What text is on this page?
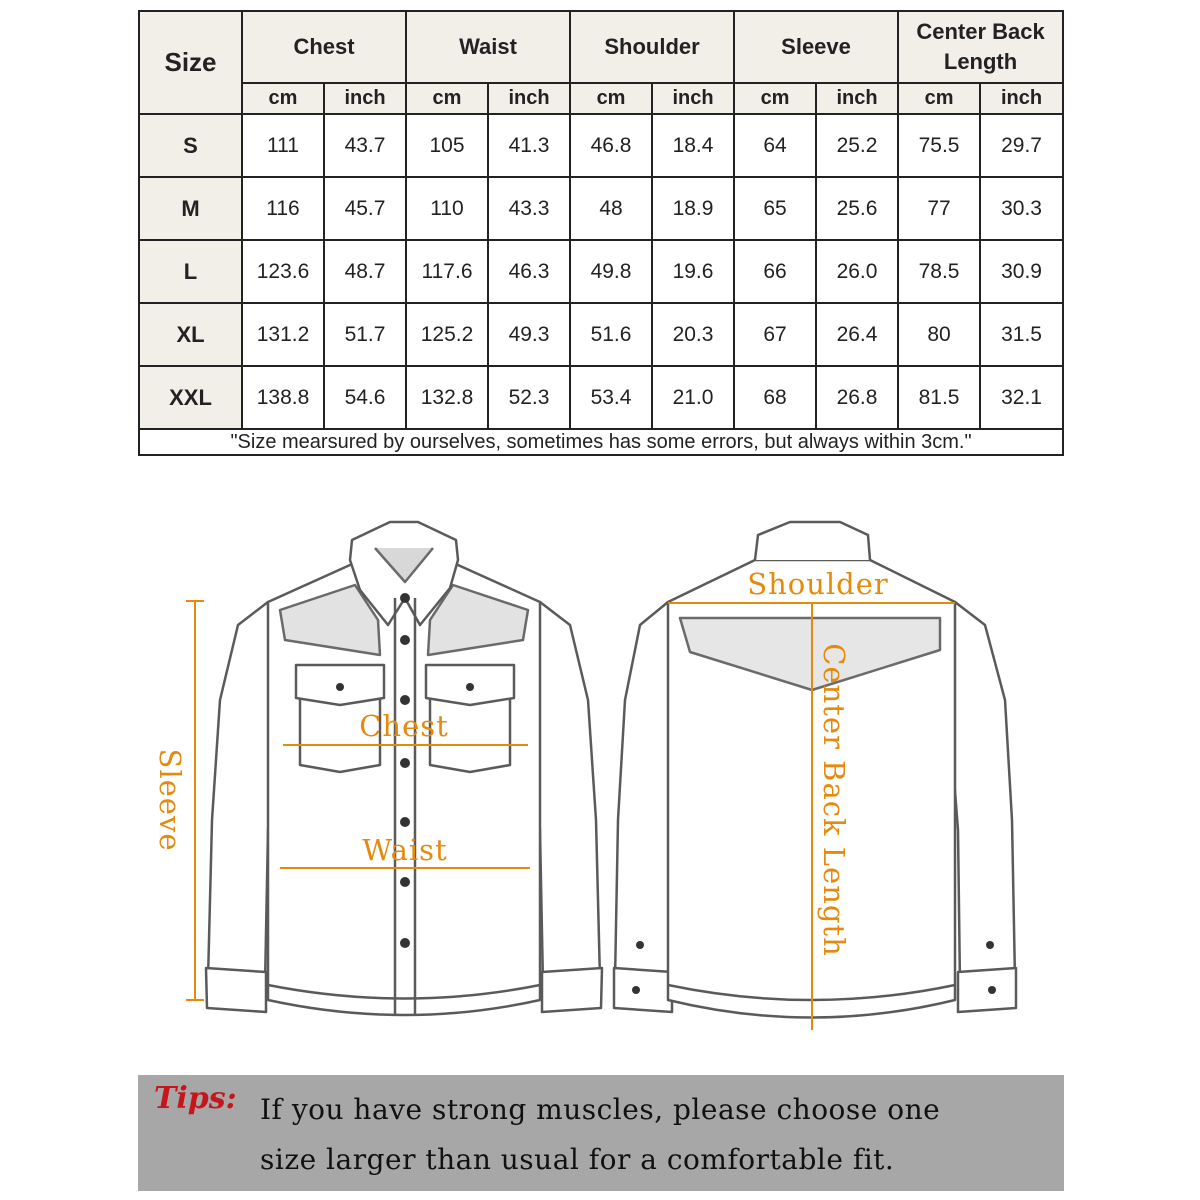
Size	Chest		Waist		Shoulder		Sleeve		Center Back
Length	
	cm	inch	cm	inch	cm	inch	cm	inch	cm	inch
S	111	43.7	105	41.3	46.8	18.4	64	25.2	75.5	29.7
M	116	45.7	110	43.3	48	18.9	65	25.6	77	30.3
L	123.6	48.7	117.6	46.3	49.8	19.6	66	26.0	78.5	30.9
XL	131.2	51.7	125.2	49.3	51.6	20.3	67	26.4	80	31.5
XXL	138.8	54.6	132.8	52.3	53.4	21.0	68	26.8	81.5	32.1
"Size mearsured by ourselves, sometimes has some errors, but always within 3cm."										
Chest
Waist
Sleeve
Shoulder
Center Back Length
Tips: If you have strong muscles, please choose one
size larger than usual for a comfortable fit.
